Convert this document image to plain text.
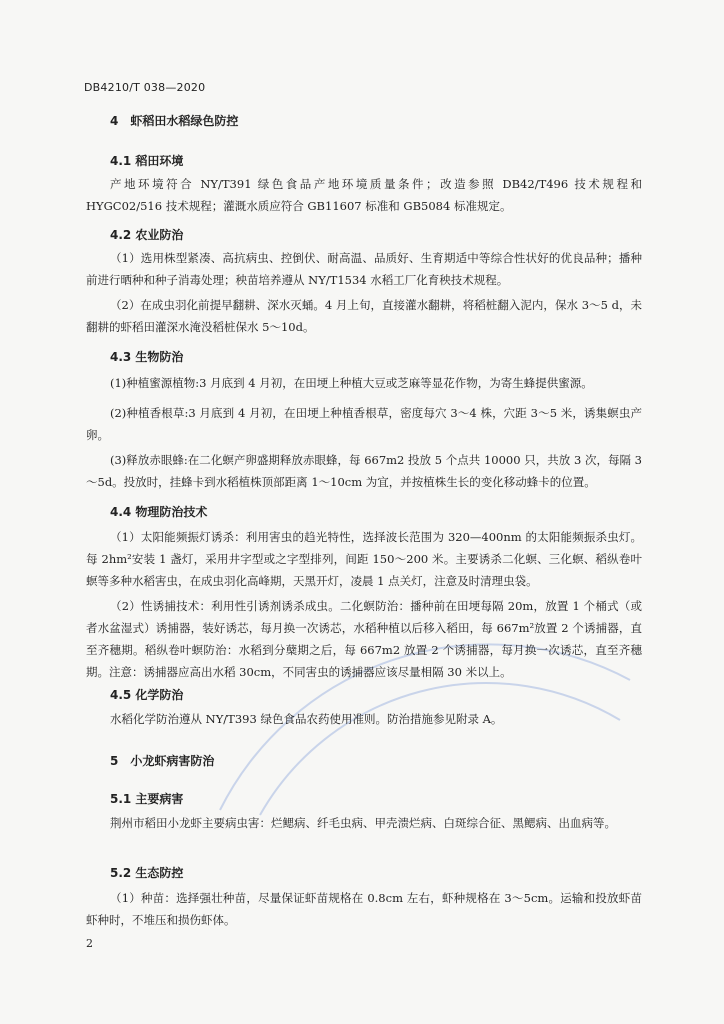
DB4210/T 038—2020
4　虾稻田水稻绿色防控
4.1 稻田环境
产地环境符合 NY/T391 绿色食品产地环境质量条件；改造参照 DB42/T496 技术规程和 HYGC02/516 技术规程；灌溉水质应符合 GB11607 标准和 GB5084 标准规定。
4.2 农业防治
（1）选用株型紧凑、高抗病虫、控倒伏、耐高温、品质好、生育期适中等综合性状好的优良品种；播种前进行晒种和种子消毒处理；秧苗培养遵从 NY/T1534 水稻工厂化育秧技术规程。
（2）在成虫羽化前提早翻耕、深水灭蛹。4 月上旬，直接灌水翻耕，将稻桩翻入泥内，保水 3～5 d，未翻耕的虾稻田灌深水淹没稻桩保水 5～10d。
4.3 生物防治
(1)种植蜜源植物:3 月底到 4 月初，在田埂上种植大豆或芝麻等显花作物，为寄生蜂提供蜜源。
(2)种植香根草:3 月底到 4 月初，在田埂上种植香根草，密度每穴 3～4 株，穴距 3～5 米，诱集螟虫产卵。
(3)释放赤眼蜂:在二化螟产卵盛期释放赤眼蜂，每 667m2 投放 5 个点共 10000 只，共放 3 次，每隔 3～5d。投放时，挂蜂卡到水稻植株顶部距离 1～10cm 为宜，并按植株生长的变化移动蜂卡的位置。
4.4 物理防治技术
（1）太阳能频振灯诱杀：利用害虫的趋光特性，选择波长范围为 320—400nm 的太阳能频振杀虫灯。每 2hm²安装 1 盏灯，采用井字型或之字型排列，间距 150～200 米。主要诱杀二化螟、三化螟、稻纵卷叶螟等多种水稻害虫，在成虫羽化高峰期，天黑开灯，凌晨 1 点关灯，注意及时清理虫袋。
（2）性诱捕技术：利用性引诱剂诱杀成虫。二化螟防治：播种前在田埂每隔 20m，放置 1 个桶式（或者水盆湿式）诱捕器，装好诱芯，每月换一次诱芯，水稻种植以后移入稻田，每 667m²放置 2 个诱捕器，直至齐穗期。稻纵卷叶螟防治：水稻到分蘖期之后，每 667m2 放置 2 个诱捕器，每月换一次诱芯，直至齐穗期。注意：诱捕器应高出水稻 30cm，不同害虫的诱捕器应该尽量相隔 30 米以上。
4.5 化学防治
水稻化学防治遵从 NY/T393 绿色食品农药使用准则。防治措施参见附录 A。
5　小龙虾病害防治
5.1 主要病害
荆州市稻田小龙虾主要病虫害：烂鳃病、纤毛虫病、甲壳溃烂病、白斑综合征、黑鳃病、出血病等。
5.2 生态防控
（1）种苗：选择强壮种苗，尽量保证虾苗规格在 0.8cm 左右，虾种规格在 3～5cm。运输和投放虾苗虾种时，不堆压和损伤虾体。
2
